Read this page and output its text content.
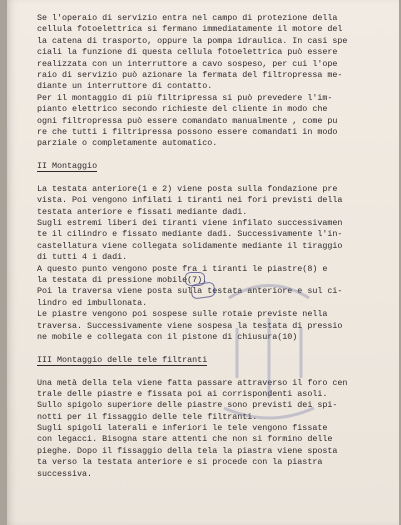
Se l'operaio di servizio entra nel campo di protezione della
cellula fotoelettrica si fermano immediatamente il motore del
la catena di trasporto, oppure la pompa idraulica. In casi spe
ciali la funzione di questa cellula fotoelettrica può essere
realizzata con un interruttore a cavo sospeso, per cui l'ope
raio di servizio può azionare la fermata del filtropressa me-
diante un interruttore di contatto.
Per il montaggio di più filtripressa si può prevedere l'im-
pianto elettrico secondo richieste del cliente in modo che
ogni filtropressa può essere comandato manualmente , come pu
re che tutti i filtripressa possono essere comandati in modo
parziale o completamente automatico.
II Montaggio
La testata anteriore(1 e 2) viene posta sulla fondazione pre
vista. Poi vengono infilati i tiranti nei fori previsti della
testata anteriore e fissati mediante dadi.
Sugli estremi liberi dei tiranti viene infilato successivamen
te il cilindro e fissato mediante dadi. Successivamente l'in-
castellatura viene collegata solidamente mediante il tiraggio
di tutti 4 i dadi.
A questo punto vengono poste fra i tiranti le piastre(8) e
la testata di pressione mobile(7).
Poi la traversa viene posta sulla testata anteriore e sul ci-
lindro ed imbullonata.
Le piastre vengono poi sospese sulle rotaie previste nella
traversa. Successivamente viene sospesa la testata di pressio
ne mobile e collegata con il pistone di chiusura(10)
III Montaggio delle tele filtranti
Una metà della tela viene fatta passare attraverso il foro cen
trale delle piastre e fissata poi ai corrispondenti asoli.
Sullo spigolo superiore delle piastre sono previsti dei spi-
notti per il fissaggio delle tele filtranti.
Sugli spigoli laterali e inferiori le tele vengono fissate
con legacci. Bisogna stare attenti che non si formino delle
pieghe. Dopo il fissaggio della tela la piastra viene sposta
ta verso la testata anteriore e si procede con la piastra
successiva.
